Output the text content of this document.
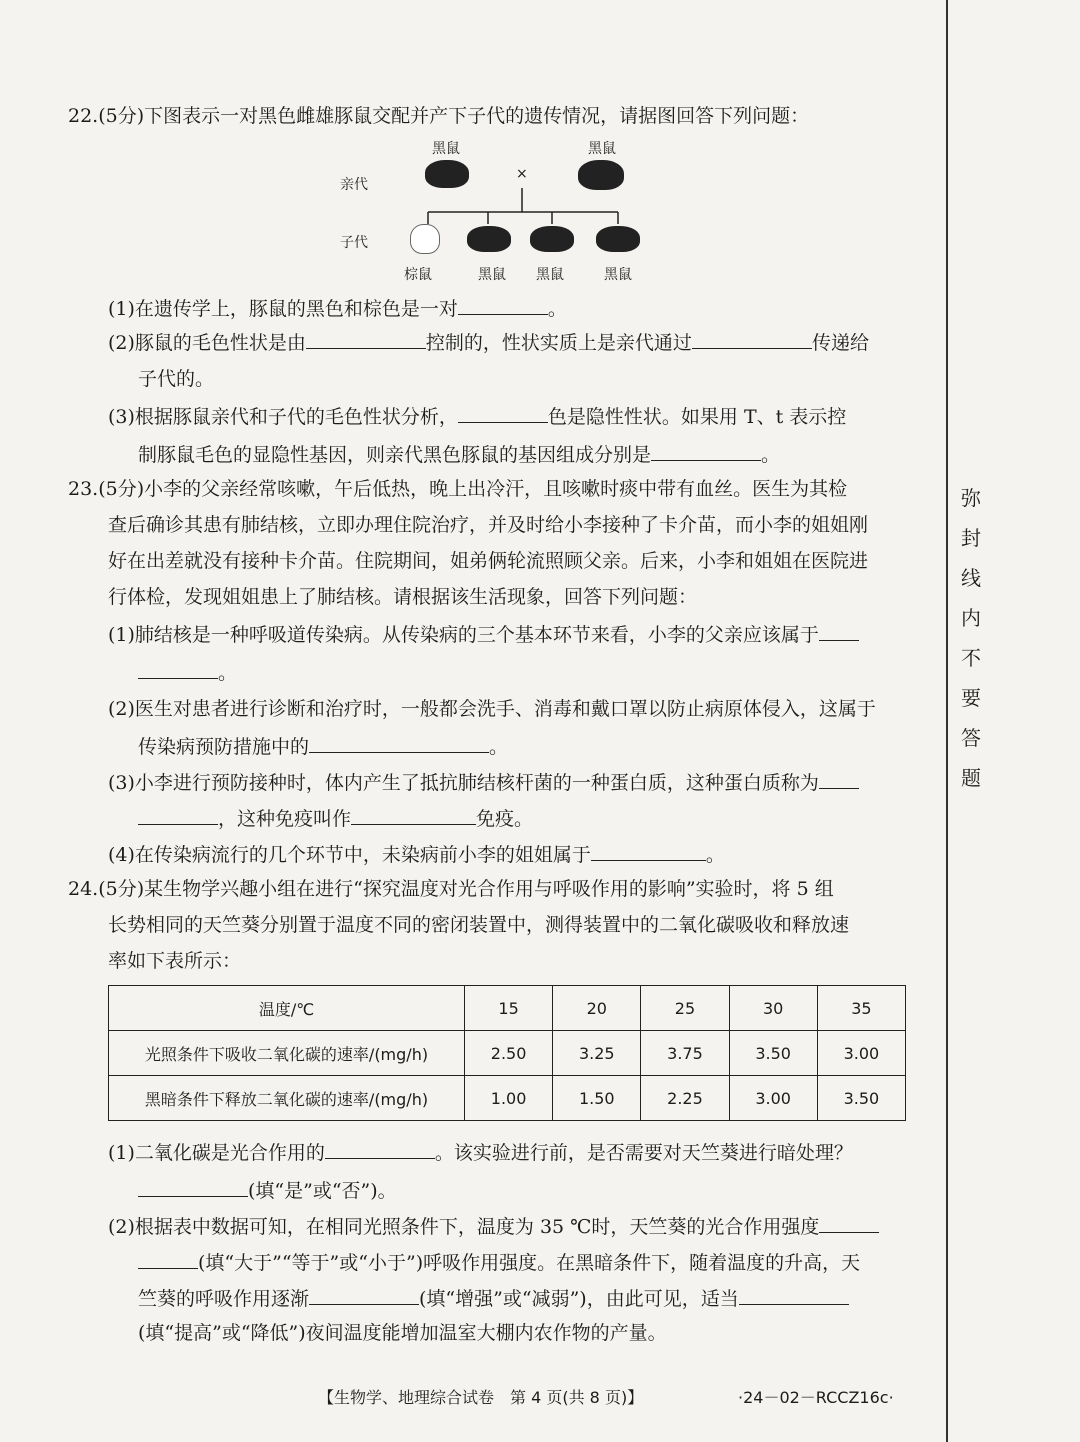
弥
封
线
内
不
要
答
题
22.(5分)下图表示一对黑色雌雄豚鼠交配并产下子代的遗传情况，请据图回答下列问题：
黑鼠	黑鼠
亲代
×
子代
棕鼠	黑鼠 黑鼠	黑鼠
(1)在遗传学上，豚鼠的黑色和棕色是一对	。
(2)豚鼠的毛色性状是由	控制的，性状实质上是亲代通过	传递给
子代的。
(3)根据豚鼠亲代和子代的毛色性状分析，	色是隐性性状。如果用 T、t 表示控
制豚鼠毛色的显隐性基因，则亲代黑色豚鼠的基因组成分别是	。
23.(5分)小李的父亲经常咳嗽，午后低热，晚上出冷汗，且咳嗽时痰中带有血丝。医生为其检
查后确诊其患有肺结核，立即办理住院治疗，并及时给小李接种了卡介苗，而小李的姐姐刚
好在出差就没有接种卡介苗。住院期间，姐弟俩轮流照顾父亲。后来，小李和姐姐在医院进
行体检，发现姐姐患上了肺结核。请根据该生活现象，回答下列问题：
(1)肺结核是一种呼吸道传染病。从传染病的三个基本环节来看，小李的父亲应该属于
。
(2)医生对患者进行诊断和治疗时，一般都会洗手、消毒和戴口罩以防止病原体侵入，这属于
传染病预防措施中的	。
(3)小李进行预防接种时，体内产生了抵抗肺结核杆菌的一种蛋白质，这种蛋白质称为
，这种免疫叫作	免疫。
(4)在传染病流行的几个环节中，未染病前小李的姐姐属于	。
24.(5分)某生物学兴趣小组在进行“探究温度对光合作用与呼吸作用的影响”实验时，将 5 组
长势相同的天竺葵分别置于温度不同的密闭装置中，测得装置中的二氧化碳吸收和释放速
率如下表所示：
温度/℃	15	20	25	30	35
光照条件下吸收二氧化碳的速率/(mg/h)	2.50	3.25	3.75	3.50	3.00
黑暗条件下释放二氧化碳的速率/(mg/h)	1.00	1.50	2.25	3.00	3.50
(1)二氧化碳是光合作用的	。该实验进行前，是否需要对天竺葵进行暗处理？
(填“是”或“否”)。
(2)根据表中数据可知，在相同光照条件下，温度为 35 ℃时，天竺葵的光合作用强度
(填“大于”“等于”或“小于”)呼吸作用强度。在黑暗条件下，随着温度的升高，天
竺葵的呼吸作用逐渐	(填“增强”或“减弱”)，由此可见，适当
(填“提高”或“降低”)夜间温度能增加温室大棚内农作物的产量。
【生物学、地理综合试卷　第 4 页(共 8 页)】	·24－02－RCCZ16c·
